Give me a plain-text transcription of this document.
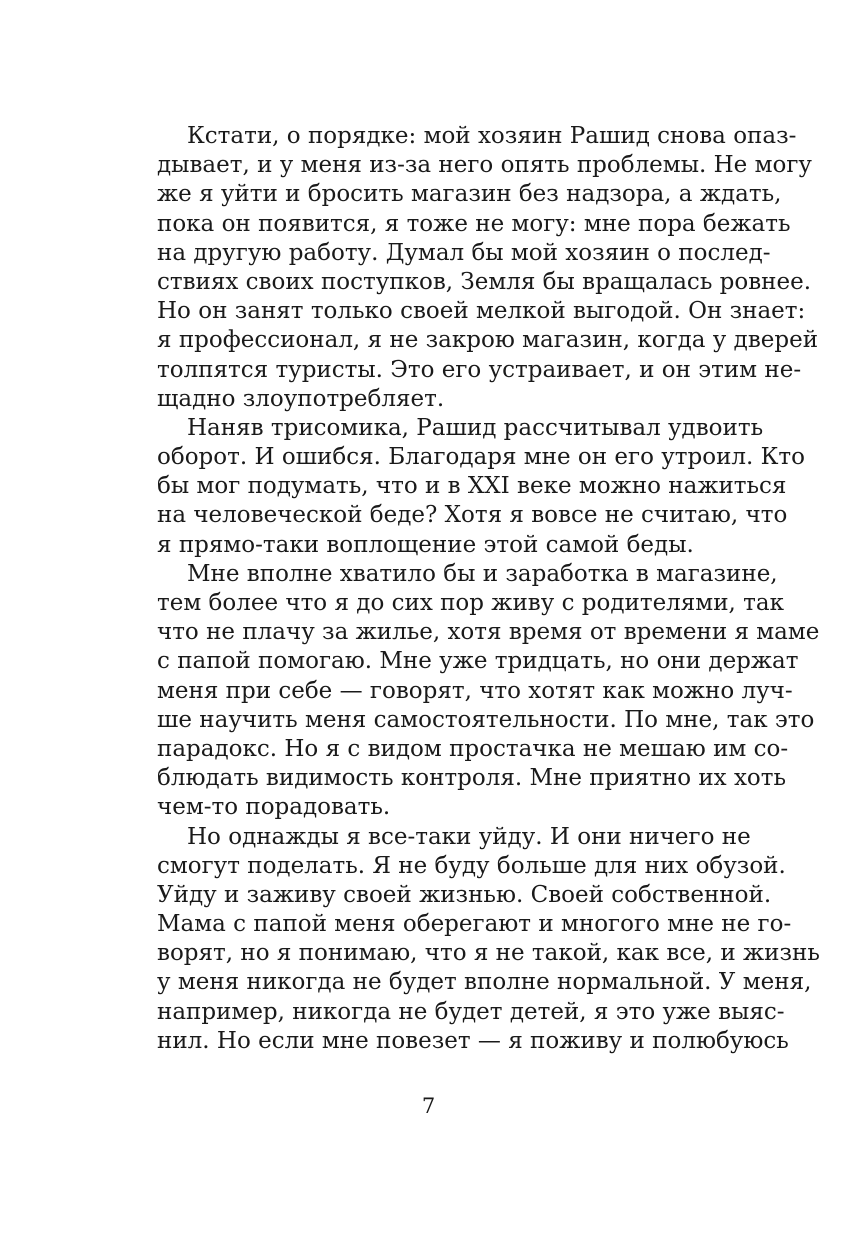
Кстати, о порядке: мой хозяин Рашид снова опаз-
дывает, и у меня из-за него опять проблемы. Не могу
же я уйти и бросить магазин без надзора, а ждать,
пока он появится, я тоже не могу: мне пора бежать
на другую работу. Думал бы мой хозяин о послед-
ствиях своих поступков, Земля бы вращалась ровнее.
Но он занят только своей мелкой выгодой. Он знает:
я профессионал, я не закрою магазин, когда у дверей
толпятся туристы. Это его устраивает, и он этим не-
щадно злоупотребляет.
Наняв трисомика, Рашид рассчитывал удвоить
оборот. И ошибся. Благодаря мне он его утроил. Кто
бы мог подумать, что и в XXI веке можно нажиться
на человеческой беде? Хотя я вовсе не считаю, что
я прямо-таки воплощение этой самой беды.
Мне вполне хватило бы и заработка в магазине,
тем более что я до сих пор живу с родителями, так
что не плачу за жилье, хотя время от времени я маме
с папой помогаю. Мне уже тридцать, но они держат
меня при себе — говорят, что хотят как можно луч-
ше научить меня самостоятельности. По мне, так это
парадокс. Но я с видом простачка не мешаю им со-
блюдать видимость контроля. Мне приятно их хоть
чем-то порадовать.
Но однажды я все-таки уйду. И они ничего не
смогут поделать. Я не буду больше для них обузой.
Уйду и заживу своей жизнью. Своей собственной.
Мама с папой меня оберегают и многого мне не го-
ворят, но я понимаю, что я не такой, как все, и жизнь
у меня никогда не будет вполне нормальной. У меня,
например, никогда не будет детей, я это уже выяс-
нил. Но если мне повезет — я поживу и полюбуюсь
7
